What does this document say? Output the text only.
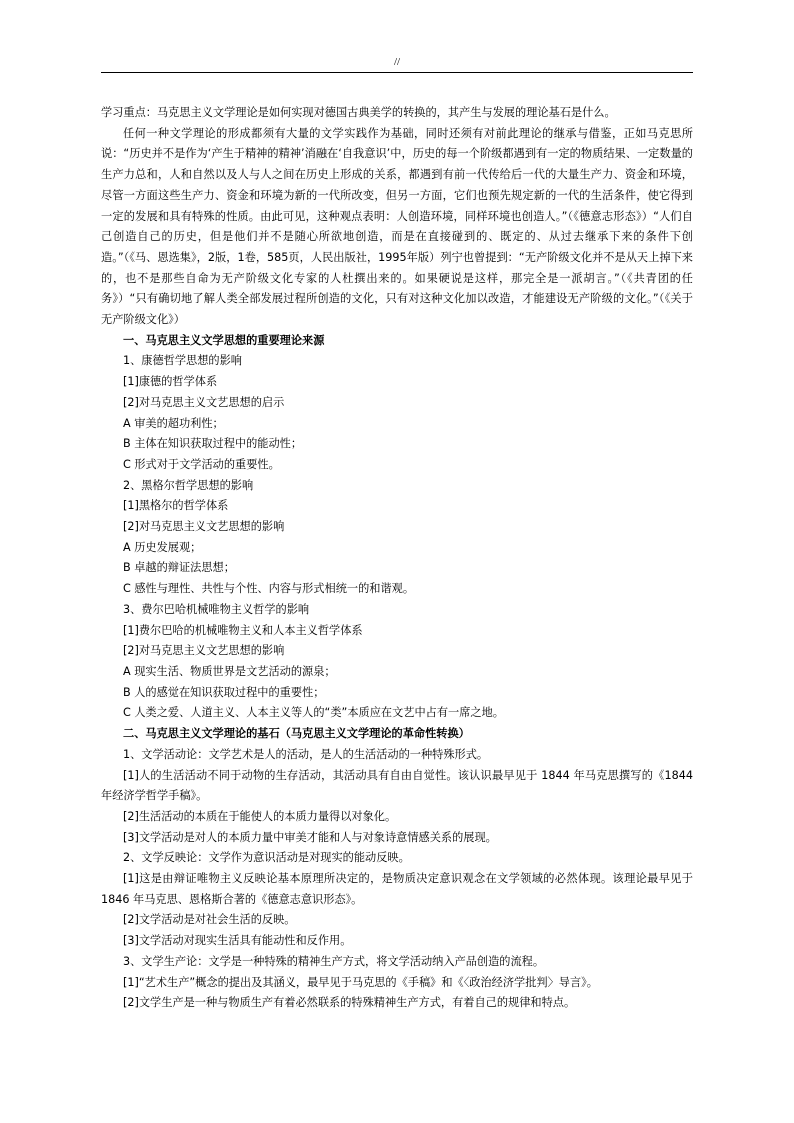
//

学习重点：马克思主义文学理论是如何实现对德国古典美学的转换的，其产生与发展的理论基石是什么。

任何一种文学理论的形成都须有大量的文学实践作为基础，同时还须有对前此理论的继承与借鉴，正如马克思所说：“历史并不是作为‘产生于精神的精神’消融在‘自我意识’中，历史的每一个阶级都遇到有一定的物质结果、一定数量的生产力总和，人和自然以及人与人之间在历史上形成的关系，都遇到有前一代传给后一代的大量生产力、资金和环境，尽管一方面这些生产力、资金和环境为新的一代所改变，但另一方面，它们也预先规定新的一代的生活条件，使它得到一定的发展和具有特殊的性质。由此可见，这种观点表明：人创造环境，同样环境也创造人。”（《德意志形态》）“人们自己创造自己的历史，但是他们并不是随心所欲地创造，而是在直接碰到的、既定的、从过去继承下来的条件下创造。”（《马、恩选集》，2版，1卷，585页，人民出版社，1995年版）列宁也曾提到：“无产阶级文化并不是从天上掉下来的，也不是那些自命为无产阶级文化专家的人杜撰出来的。如果硬说是这样，那完全是一派胡言。”（《共青团的任务》）“只有确切地了解人类全部发展过程所创造的文化，只有对这种文化加以改造，才能建设无产阶级的文化。”（《关于无产阶级文化》）

一、马克思主义文学思想的重要理论来源

1、康德哲学思想的影响

[1]康德的哲学体系

[2]对马克思主义文艺思想的启示

A 审美的超功利性；

B 主体在知识获取过程中的能动性；

C 形式对于文学活动的重要性。

2、黑格尔哲学思想的影响

[1]黑格尔的哲学体系

[2]对马克思主义文艺思想的影响

A 历史发展观；

B 卓越的辩证法思想；

C 感性与理性、共性与个性、内容与形式相统一的和谐观。

3、费尔巴哈机械唯物主义哲学的影响

[1]费尔巴哈的机械唯物主义和人本主义哲学体系

[2]对马克思主义文艺思想的影响

A 现实生活、物质世界是文艺活动的源泉；

B 人的感觉在知识获取过程中的重要性；

C 人类之爱、人道主义、人本主义等人的“类”本质应在文艺中占有一席之地。

二、马克思主义文学理论的基石（马克思主义文学理论的革命性转换）

1、文学活动论：文学艺术是人的活动，是人的生活活动的一种特殊形式。

[1]人的生活活动不同于动物的生存活动，其活动具有自由自觉性。该认识最早见于 1844 年马克思撰写的《1844 年经济学哲学手稿》。

[2]生活活动的本质在于能使人的本质力量得以对象化。

[3]文学活动是对人的本质力量中审美才能和人与对象诗意情感关系的展现。

2、文学反映论：文学作为意识活动是对现实的能动反映。

[1]这是由辩证唯物主义反映论基本原理所决定的，是物质决定意识观念在文学领域的必然体现。该理论最早见于 1846 年马克思、恩格斯合著的《德意志意识形态》。

[2]文学活动是对社会生活的反映。

[3]文学活动对现实生活具有能动性和反作用。

3、文学生产论：文学是一种特殊的精神生产方式，将文学活动纳入产品创造的流程。

[1]“艺术生产”概念的提出及其涵义，最早见于马克思的《手稿》和《〈政治经济学批判〉导言》。

[2]文学生产是一种与物质生产有着必然联系的特殊精神生产方式，有着自己的规律和特点。
